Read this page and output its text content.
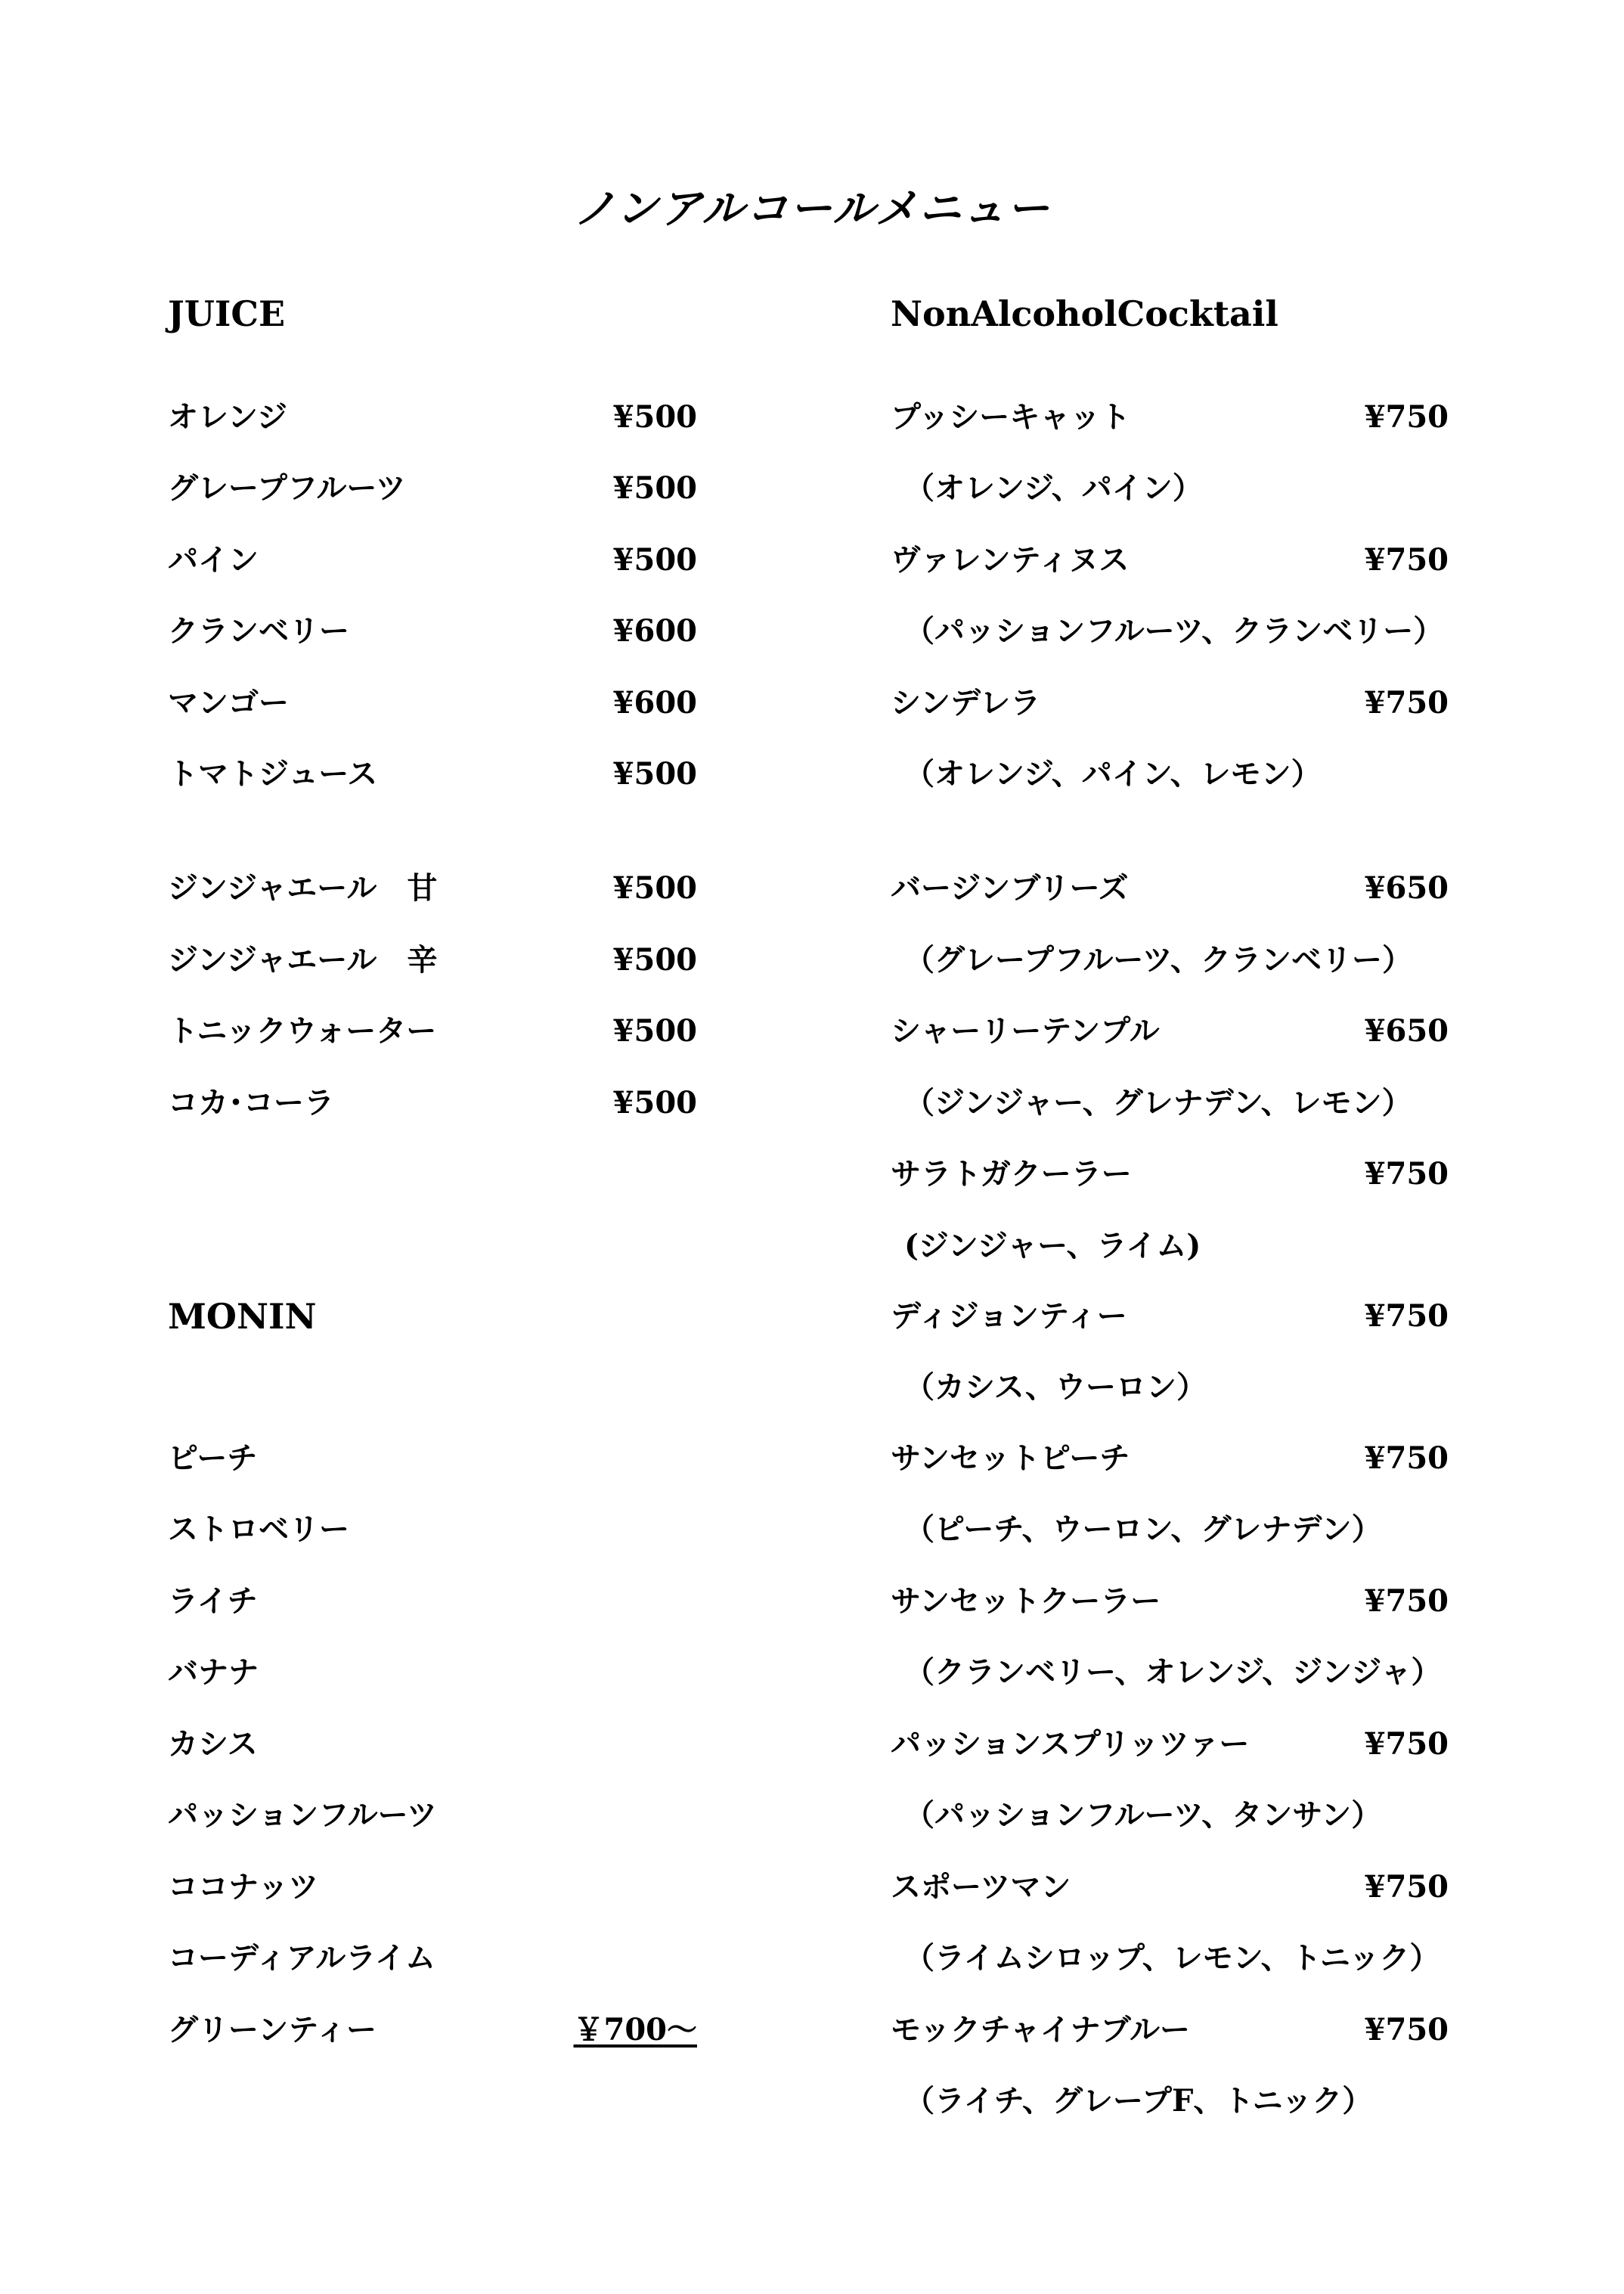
ノンアルコールメニュー
JUICE
オレンジ	¥500
グレープフルーツ	¥500
パイン	¥500
クランベリー	¥600
マンゴー	¥600
トマトジュース	¥500
ジンジャエール　甘	¥500
ジンジャエール　辛	¥500
トニックウォーター	¥500
コカ･コーラ	¥500
MONIN
ピーチ
ストロベリー
ライチ
バナナ
カシス
パッションフルーツ
ココナッツ
コーディアルライム
グリーンティー	￥700～
NonAlcoholCocktail
プッシーキャット	¥750
（オレンジ、パイン）
ヴァレンティヌス	¥750
（パッションフルーツ、クランベリー）
シンデレラ	¥750
（オレンジ、パイン、レモン）
バージンブリーズ	¥650
（グレープフルーツ、クランベリー）
シャーリーテンプル	¥650
（ジンジャー、グレナデン、レモン）
サラトガクーラー	¥750
(ジンジャー、ライム)
ディジョンティー	¥750
（カシス、ウーロン）
サンセットピーチ	¥750
（ピーチ、ウーロン、グレナデン）
サンセットクーラー	¥750
（クランベリー、オレンジ、ジンジャ）
パッションスプリッツァー	¥750
（パッションフルーツ、タンサン）
スポーツマン	¥750
（ライムシロップ、レモン、トニック）
モックチャイナブルー	¥750
（ライチ、グレープF、トニック）
